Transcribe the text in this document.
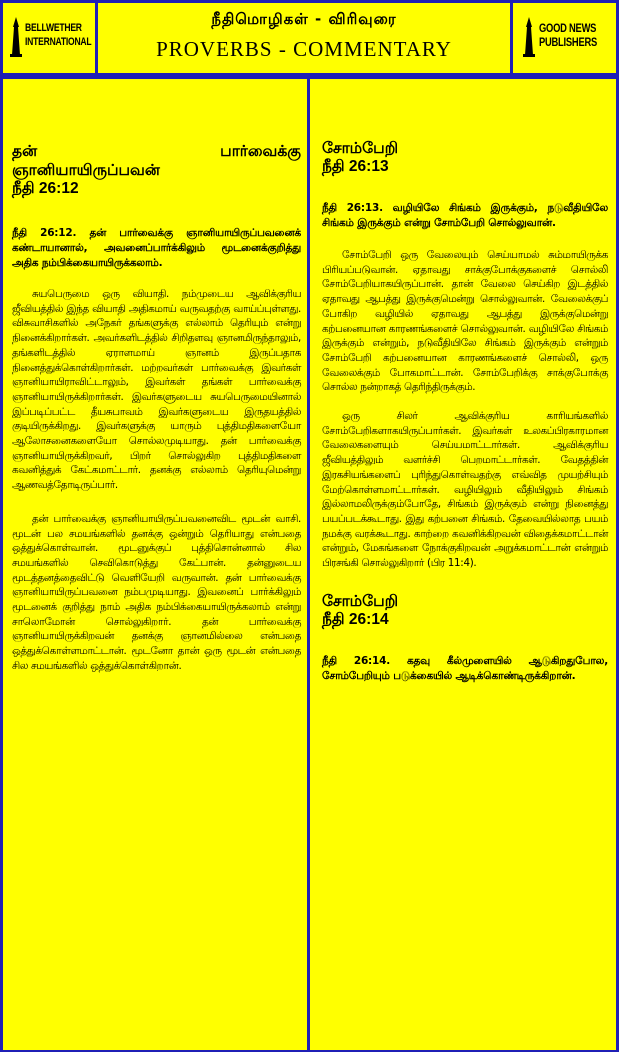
BELLWETHER
INTERNATIONAL
நீதிமொழிகள் - விரிவுரை
PROVERBS - COMMENTARY
GOOD NEWS
PUBLISHERS

தன் பார்வைக்கு

ஞானியாயிருப்பவன்

நீதி 26:12

நீதி 26:12. தன் பார்வைக்கு ஞானியாயிருப்பவனைக் கண்டாயானால், அவனைப்பார்க்கிலும் மூடனைக்குறித்து அதிக நம்பிக்கையாயிருக்கலாம்.

சுயபெருமை ஒரு வியாதி. நம்முடைய ஆவிக்குரிய ஜீவியத்தில் இந்த வியாதி அதிகமாய் வருவதற்கு வாய்ப்புள்ளது. விசுவாசிகளில் அநேகர் தங்களுக்கு எல்லாம் தெரியும் என்று நினைக்கிறார்கள். அவர்களிடத்தில் சிறிதளவு ஞானமிருந்தாலும், தங்களிடத்தில் ஏராளமாய் ஞானம் இருப்பதாக நினைத்துக்கொள்கிறார்கள். மற்றவர்கள் பார்வைக்கு இவர்கள் ஞானியாயிராவிட்டாலும், இவர்கள் தங்கள் பார்வைக்கு ஞானியாயிருக்கிறார்கள். இவர்களுடைய சுயபெருமையினால் இப்படிப்பட்ட தீயசுபாவம் இவர்களுடைய இருதயத்தில் குடியிருக்கிறது. இவர்களுக்கு யாரும் புத்திமதிகளையோ ஆலோசனைகளையோ சொல்லமுடியாது. தன் பார்வைக்கு ஞானியாயிருக்கிறவர், பிறர் சொல்லுகிற புத்திமதிகளை கவனித்துக் கேட்கமாட்டார். தனக்கு எல்லாம் தெரியுமென்று ஆணவத்தோடிருப்பார்.

தன் பார்வைக்கு ஞானியாயிருப்பவனைவிட மூடன் வாசி. மூடன் பல சமயங்களில் தனக்கு ஒன்றும் தெரியாது என்பதை ஒத்துக்கொள்வான். மூடனுக்குப் புத்திசொன்னால் சில சமயங்களில் செவிகொடுத்து கேட்பான். தன்னுடைய மூடத்தனத்தைவிட்டு வெளியேறி வருவான். தன் பார்வைக்கு ஞானியாயிருப்பவனை நம்பமுடியாது. இவனைப் பார்க்கிலும் மூடனைக் குறித்து நாம் அதிக நம்பிக்கையாயிருக்கலாம் என்று சாலொமோன் சொல்லுகிறார். தன் பார்வைக்கு ஞானியாயிருக்கிறவன் தனக்கு ஞானமில்லை என்பதை ஒத்துக்கொள்ளமாட்டான். மூடனோ தான் ஒரு மூடன் என்பதை சில சமயங்களில் ஒத்துக்கொள்கிறான்.

சோம்பேறி

நீதி 26:13

நீதி 26:13. வழியிலே சிங்கம் இருக்கும், நடுவீதியிலே சிங்கம் இருக்கும் என்று சோம்பேறி சொல்லுவான்.

சோம்பேறி ஒரு வேலையும் செய்யாமல் சும்மாயிருக்க பிரியப்படுவான். ஏதாவது சாக்குபோக்குகளைச் சொல்லி சோம்பேறியாகயிருப்பான். தான் வேலை செய்கிற இடத்தில் ஏதாவது ஆபத்து இருக்குமென்று சொல்லுவான். வேலைக்குப் போகிற வழியில் ஏதாவது ஆபத்து இருக்குமென்று கற்பனையான காரணங்களைச் சொல்லுவான். வழியிலே சிங்கம் இருக்கும் என்றும், நடுவீதியிலே சிங்கம் இருக்கும் என்றும் சோம்பேறி கற்பனையான காரணங்களைச் சொல்லி, ஒரு வேலைக்கும் போகமாட்டான். சோம்பேறிக்கு சாக்குபோக்கு சொல்ல நன்றாகத் தெரிந்திருக்கும்.

ஒரு சிலர் ஆவிக்குரிய காரியங்களில் சோம்பேறிகளாகயிருப்பார்கள். இவர்கள் உலகப்பிரகாரமான வேலைகளையும் செய்யமாட்டார்கள். ஆவிக்குரிய ஜீவியத்திலும் வளர்ச்சி பெறமாட்டார்கள். வேதத்தின் இரகசியங்களைப் புரிந்துகொள்வதற்கு எவ்வித முயற்சியும் மேற்கொள்ளமாட்டார்கள். வழியிலும் வீதியிலும் சிங்கம் இல்லாமலிருக்கும்போதே, சிங்கம் இருக்கும் என்று நினைத்து பயப்படக்கூடாது. இது கற்பனை சிங்கம். தேவையில்லாத பயம் நமக்கு வரக்கூடாது. காற்றை கவனிக்கிறவன் விதைக்கமாட்டான் என்றும், மேகங்களை நோக்குகிறவன் அறுக்கமாட்டான் என்றும் பிரசங்கி சொல்லுகிறார் (பிர 11:4).

சோம்பேறி

நீதி 26:14

நீதி 26:14. கதவு கீல்முளையில் ஆடுகிறதுபோல, சோம்பேறியும் படுக்கையில் ஆடிக்கொண்டிருக்கிறான்.
